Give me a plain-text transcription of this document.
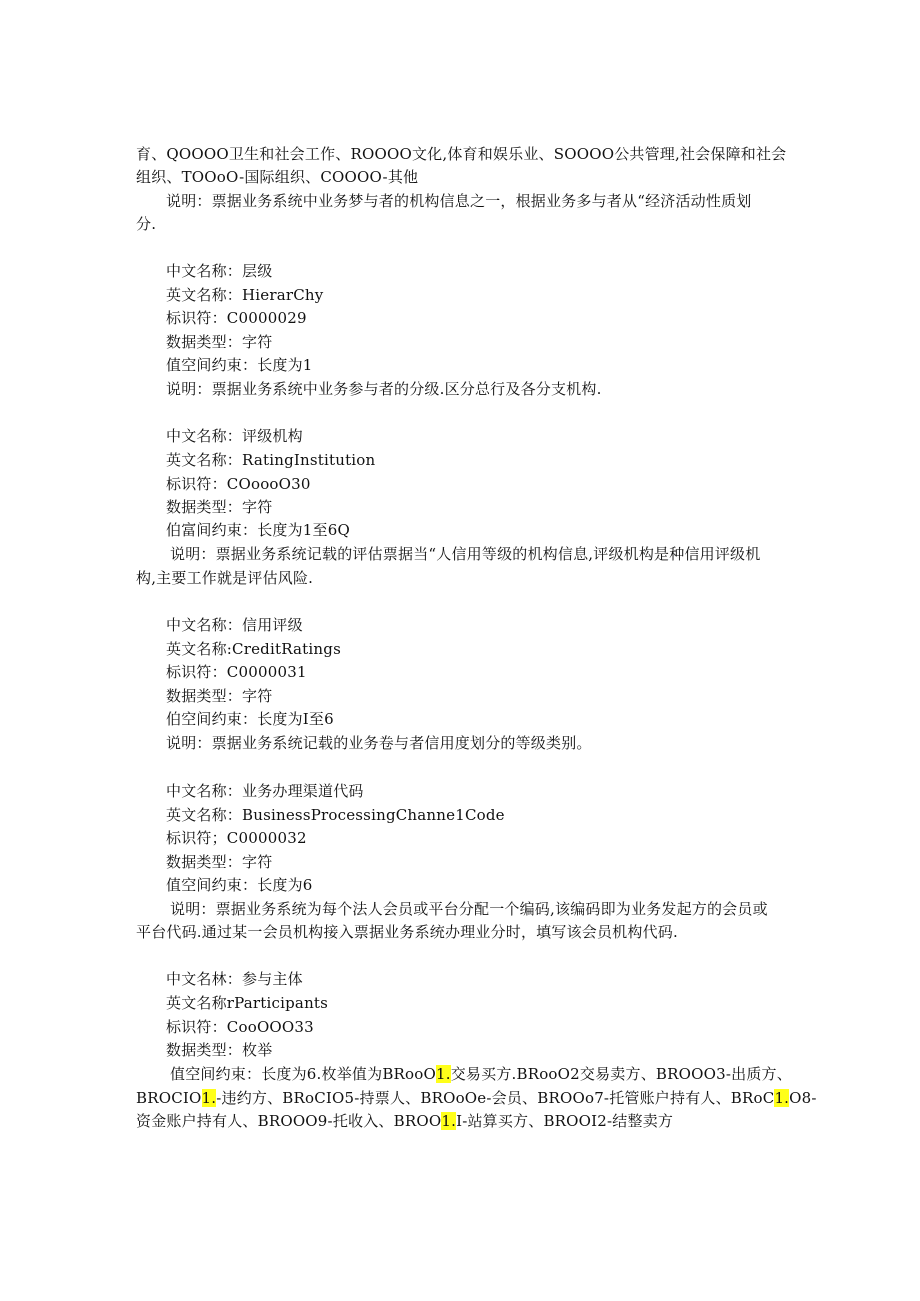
育、QOOOO卫生和社会工作、ROOOO文化,体育和娱乐业、SOOOO公共管理,社会保障和社会
组织、TOOoO-国际组织、COOOO-其他
说明：票据业务系统中业务梦与者的机构信息之一，根据业务多与者从“经济活动性质划
分.
中文名称：层级
英文名称：HierarChy
标识符：C0000029
数据类型：字符
值空间约束：长度为1
说明：票据业务系统中业务参与者的分级.区分总行及各分支机构.
中文名称：评级机构
英文名称：RatingInstitution
标识符：COoooO30
数据类型：字符
伯富间约束：长度为1至6Q
说明：票据业务系统记载的评估票据当“人信用等级的机构信息,评级机构是种信用评级机
构,主要工作就是评估风险.
中文名称：信用评级
英文名称:CreditRatings
标识符：C0000031
数据类型：字符
伯空间约束：长度为I至6
说明：票据业务系统记载的业务卷与者信用度划分的等级类别。
中文名称：业务办理渠道代码
英文名称：BusinessProcessingChanne1Code
标识符；C0000032
数据类型：字符
值空间约束：长度为6
说明：票据业务系统为每个法人会员或平台分配一个编码,该编码即为业务发起方的会员或
平台代码.通过某一会员机构接入票据业务系统办理业分时，填写该会员机构代码.
中文名林：参与主体
英文名称rParticipants
标识符：CooOOO33
数据类型：枚举
值空间约束：长度为6.枚举值为BRooO1.交易买方.BRooO2交易卖方、BROOO3-出质方、
BROCIO1.-违约方、BRoCIO5-持票人、BROoOe-会员、BROOo7-托管账户持有人、BRoC1.O8-
资金账户持有人、BROOO9-托收入、BROO1.I-站算买方、BROOI2-结整卖方
